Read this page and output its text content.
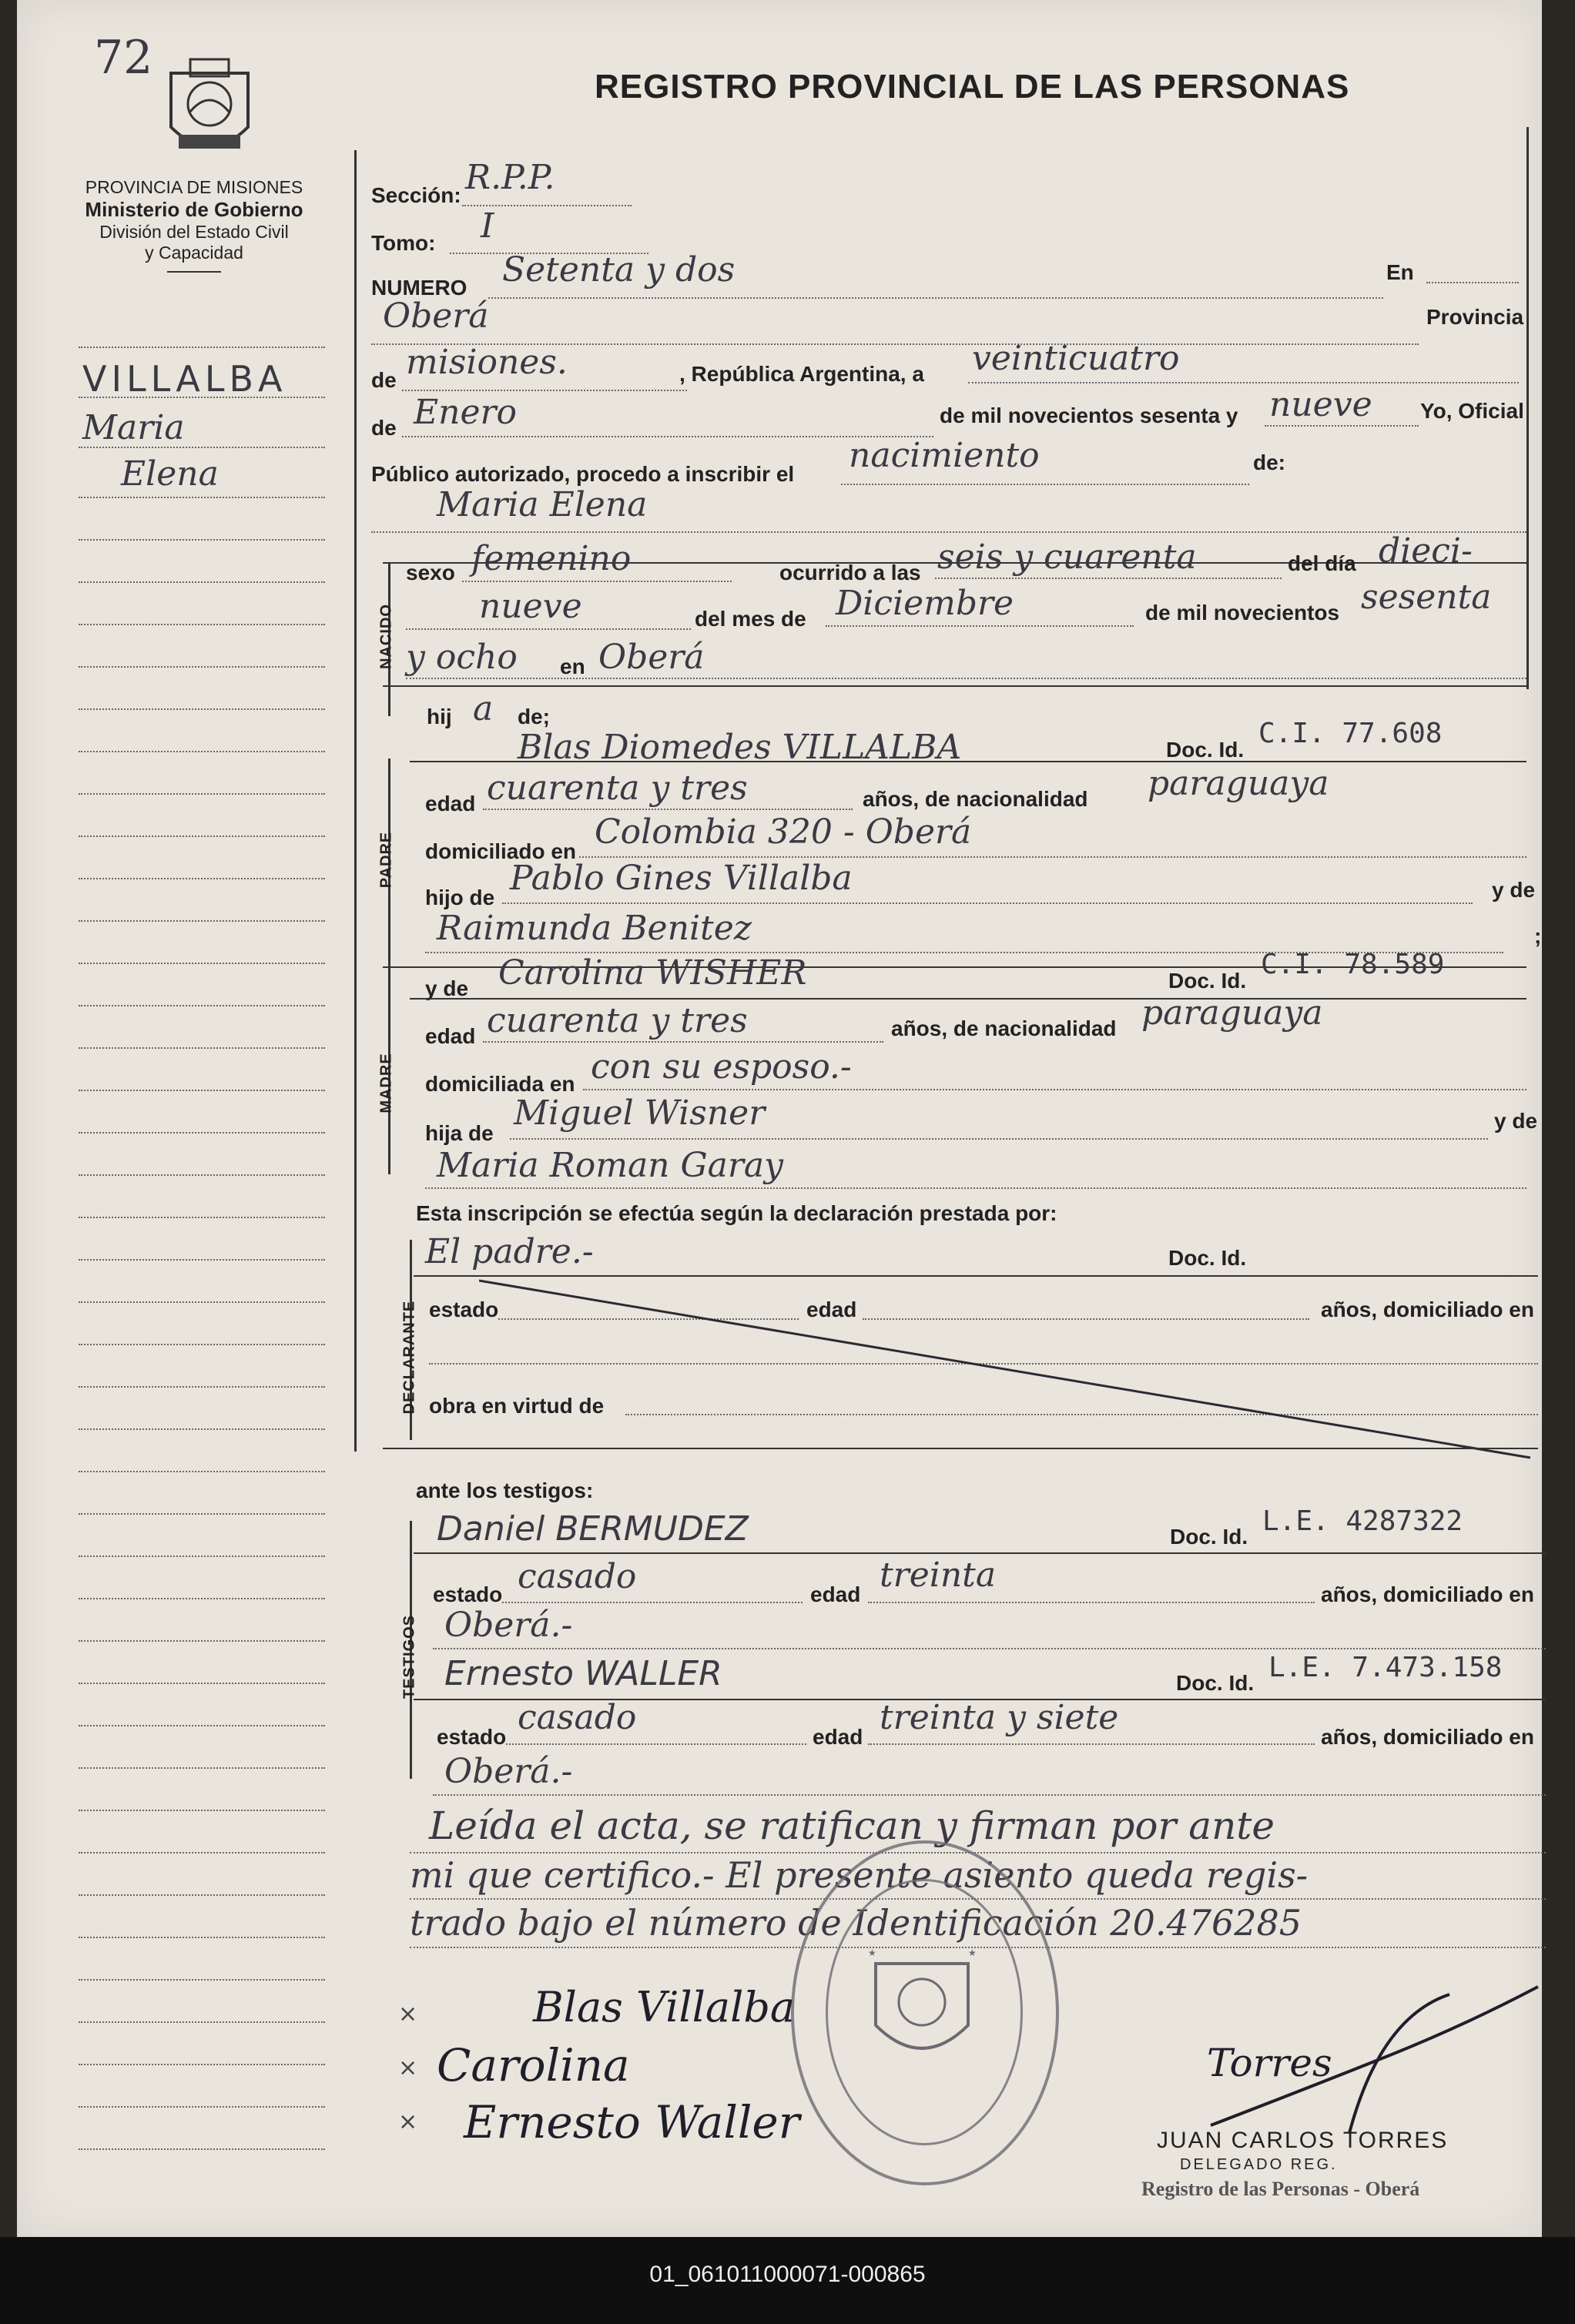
72
REGISTRO PROVINCIAL DE LAS PERSONAS
PROVINCIA DE MISIONES
Ministerio de Gobierno
División del Estado Civil
y Capacidad
VILLALBA
Maria
Elena
Sección: R.P.P.
Tomo: I
NUMERO Setenta y dos	En
Oberá	Provincia
de misiones.	, República Argentina, a veinticuatro
de Enero	de mil novecientos sesenta y nueve Yo, Oficial
Público autorizado, procedo a inscribir el nacimiento	de:
Maria Elena
NACIDO
sexo femenino	ocurrido a las seis y cuarenta	del día dieci-
nueve	del mes de Diciembre	de mil novecientos sesenta
y ocho en Oberá
hij a de;
PADRE
Blas Diomedes VILLALBA	Doc. Id.
C.I. 77.608
edad cuarenta y tres	años, de nacionalidad paraguaya
domiciliado en Colombia 320 - Oberá
hijo de Pablo Gines Villalba	y de
Raimunda Benitez	;
MADRE
y de Carolina WISHER	Doc. Id.
C.I. 78.589
edad cuarenta y tres	años, de nacionalidad paraguaya
domiciliada en con su esposo.-
hija de
Miguel Wisner	y de
Maria Roman Garay
Esta inscripción se efectúa según la declaración prestada por:
DECLARANTE
El padre.-	Doc. Id.
estado	edad	años, domiciliado en
obra en virtud de
ante los testigos:
TESTIGOS
Daniel BERMUDEZ	Doc. Id. L.E. 4287322
estado casado	edad treinta	años, domiciliado en
Oberá.-
Ernesto WALLER	Doc. Id. L.E. 7.473.158
estado casado	edad treinta y siete	años, domiciliado en
Oberá.-
Leída el acta, se ratifican y firman por ante
mi que certifico.- El presente asiento queda regis-
trado bajo el número de Identificación 20.476285
★	★
×
×
×
Blas Villalba
Carolina
Ernesto Waller
Torres
JUAN CARLOS TORRES
DELEGADO REG.
Registro de las Personas - Oberá
01_061011000071-000865
